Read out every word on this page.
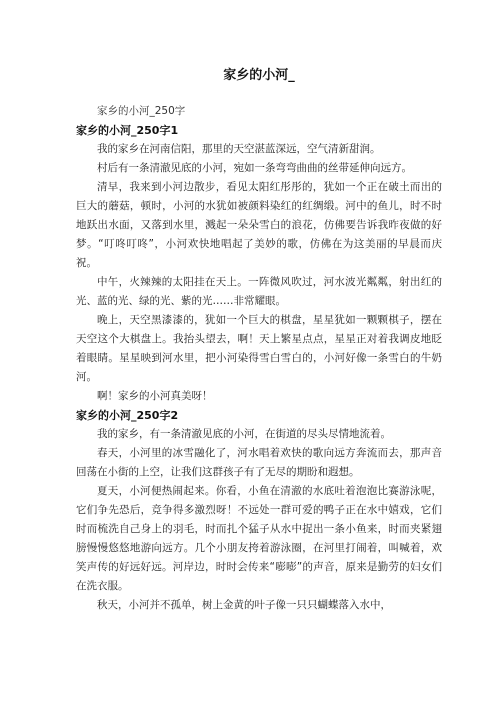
家乡的小河_

家乡的小河_250字

家乡的小河_250字1

我的家乡在河南信阳，那里的天空湛蓝深远，空气清新甜润。

村后有一条清澈见底的小河，宛如一条弯弯曲曲的丝带延伸向远方。

清早，我来到小河边散步，看见太阳红彤彤的，犹如一个正在破土而出的巨大的蘑菇，顿时，小河的水犹如被颜料染红的红绸缎。河中的鱼儿，时不时地跃出水面，又落到水里，溅起一朵朵雪白的浪花，仿佛要告诉我昨夜做的好梦。“叮咚叮咚”，小河欢快地唱起了美妙的歌，仿佛在为这美丽的早晨而庆祝。

中午，火辣辣的太阳挂在天上。一阵微风吹过，河水波光粼粼，射出红的光、蓝的光、绿的光、紫的光……非常耀眼。

晚上，天空黑漆漆的，犹如一个巨大的棋盘，星星犹如一颗颗棋子，摆在天空这个大棋盘上。我抬头望去，啊！天上繁星点点，星星正对着我调皮地眨着眼睛。星星映到河水里，把小河染得雪白雪白的，小河好像一条雪白的牛奶河。

啊！家乡的小河真美呀！

家乡的小河_250字2

我的家乡，有一条清澈见底的小河，在街道的尽头尽情地流着。

春天，小河里的冰雪融化了，河水唱着欢快的歌向远方奔流而去，那声音回荡在小街的上空，让我们这群孩子有了无尽的期盼和遐想。

夏天，小河便热闹起来。你看，小鱼在清澈的水底吐着泡泡比赛游泳呢，它们争先恐后，竞争得多激烈呀！不远处一群可爱的鸭子正在水中嬉戏，它们时而梳洗自己身上的羽毛，时而扎个猛子从水中捉出一条小鱼来，时而夹紧翅膀慢慢悠悠地游向远方。几个小朋友挎着游泳圈，在河里打闹着，叫喊着，欢笑声传的好远好远。河岸边，时时会传来“嘭嘭”的声音，原来是勤劳的妇女们在洗衣服。

秋天，小河并不孤单，树上金黄的叶子像一只只蝴蝶落入水中，
